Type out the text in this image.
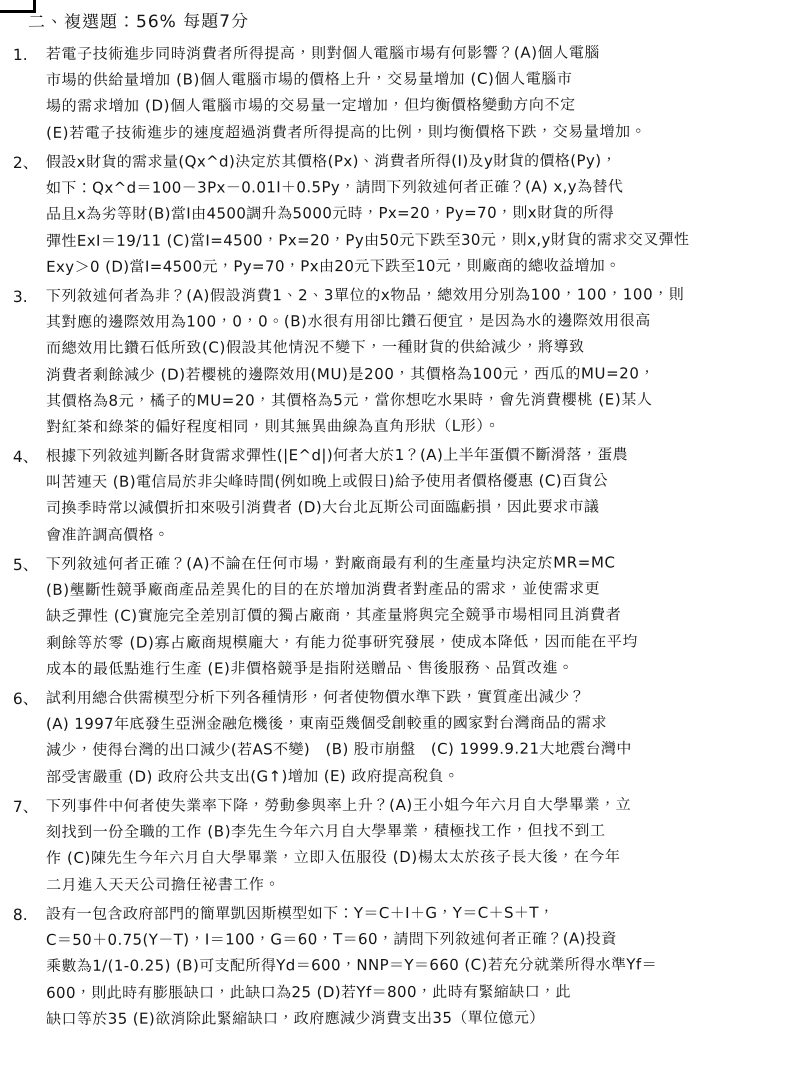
二、複選題：56% 每題7分
1. 若電子技術進步同時消費者所得提高，則對個人電腦市場有何影響？(A)個人電腦
市場的供給量增加 (B)個人電腦市場的價格上升，交易量增加 (C)個人電腦市
場的需求增加 (D)個人電腦市場的交易量一定增加，但均衡價格變動方向不定
(E)若電子技術進步的速度超過消費者所得提高的比例，則均衡價格下跌，交易量增加。
2、 假設x財貨的需求量(Qx^d)決定於其價格(Px)、消費者所得(I)及y財貨的價格(Py)，
如下：Qx^d＝100－3Px－0.01I＋0.5Py，請問下列敘述何者正確？(A) x,y為替代
品且x為劣等財(B)當I由4500調升為5000元時，Px=20，Py=70，則x財貨的所得
彈性ExI＝19/11 (C)當I=4500，Px=20，Py由50元下跌至30元，則x,y財貨的需求交叉彈性
Exy＞0 (D)當I=4500元，Py=70，Px由20元下跌至10元，則廠商的總收益增加。
3. 下列敘述何者為非？(A)假設消費1、2、3單位的x物品，總效用分別為100，100，100，則
其對應的邊際效用為100，0，0。(B)水很有用卻比鑽石便宜，是因為水的邊際效用很高
而總效用比鑽石低所致(C)假設其他情況不變下，一種財貨的供給減少，將導致
消費者剩餘減少 (D)若櫻桃的邊際效用(MU)是200，其價格為100元，西瓜的MU=20，
其價格為8元，橘子的MU=20，其價格為5元，當你想吃水果時，會先消費櫻桃 (E)某人
對紅茶和綠茶的偏好程度相同，則其無異曲線為直角形狀（L形）。
4、 根據下列敘述判斷各財貨需求彈性(|E^d|)何者大於1？(A)上半年蛋價不斷滑落，蛋農
叫苦連天 (B)電信局於非尖峰時間(例如晚上或假日)給予使用者價格優惠 (C)百貨公
司換季時常以減價折扣來吸引消費者 (D)大台北瓦斯公司面臨虧損，因此要求市議
會准許調高價格。
5、 下列敘述何者正確？(A)不論在任何市場，對廠商最有利的生產量均決定於MR=MC
(B)壟斷性競爭廠商產品差異化的目的在於增加消費者對產品的需求，並使需求更
缺乏彈性 (C)實施完全差別訂價的獨占廠商，其產量將與完全競爭市場相同且消費者
剩餘等於零 (D)寡占廠商規模龐大，有能力從事研究發展，使成本降低，因而能在平均
成本的最低點進行生產 (E)非價格競爭是指附送贈品、售後服務、品質改進。
6、 試利用總合供需模型分析下列各種情形，何者使物價水準下跌，實質產出減少？
(A) 1997年底發生亞洲金融危機後，東南亞幾個受創較重的國家對台灣商品的需求
減少，使得台灣的出口減少(若AS不變)　(B) 股市崩盤　(C) 1999.9.21大地震台灣中
部受害嚴重 (D) 政府公共支出(G↑)增加 (E) 政府提高稅負。
7、 下列事件中何者使失業率下降，勞動參與率上升？(A)王小姐今年六月自大學畢業，立
刻找到一份全職的工作 (B)李先生今年六月自大學畢業，積極找工作，但找不到工
作 (C)陳先生今年六月自大學畢業，立即入伍服役 (D)楊太太於孩子長大後，在今年
二月進入天天公司擔任祕書工作。
8. 設有一包含政府部門的簡單凱因斯模型如下：Y＝C＋I＋G，Y＝C＋S＋T，
C＝50＋0.75(Y－T)，I＝100，G＝60，T＝60，請問下列敘述何者正確？(A)投資
乘數為1/(1-0.25) (B)可支配所得Yd＝600，NNP＝Y＝660 (C)若充分就業所得水準Yf＝
600，則此時有膨脹缺口，此缺口為25 (D)若Yf＝800，此時有緊縮缺口，此
缺口等於35 (E)欲消除此緊縮缺口，政府應減少消費支出35（單位億元）
